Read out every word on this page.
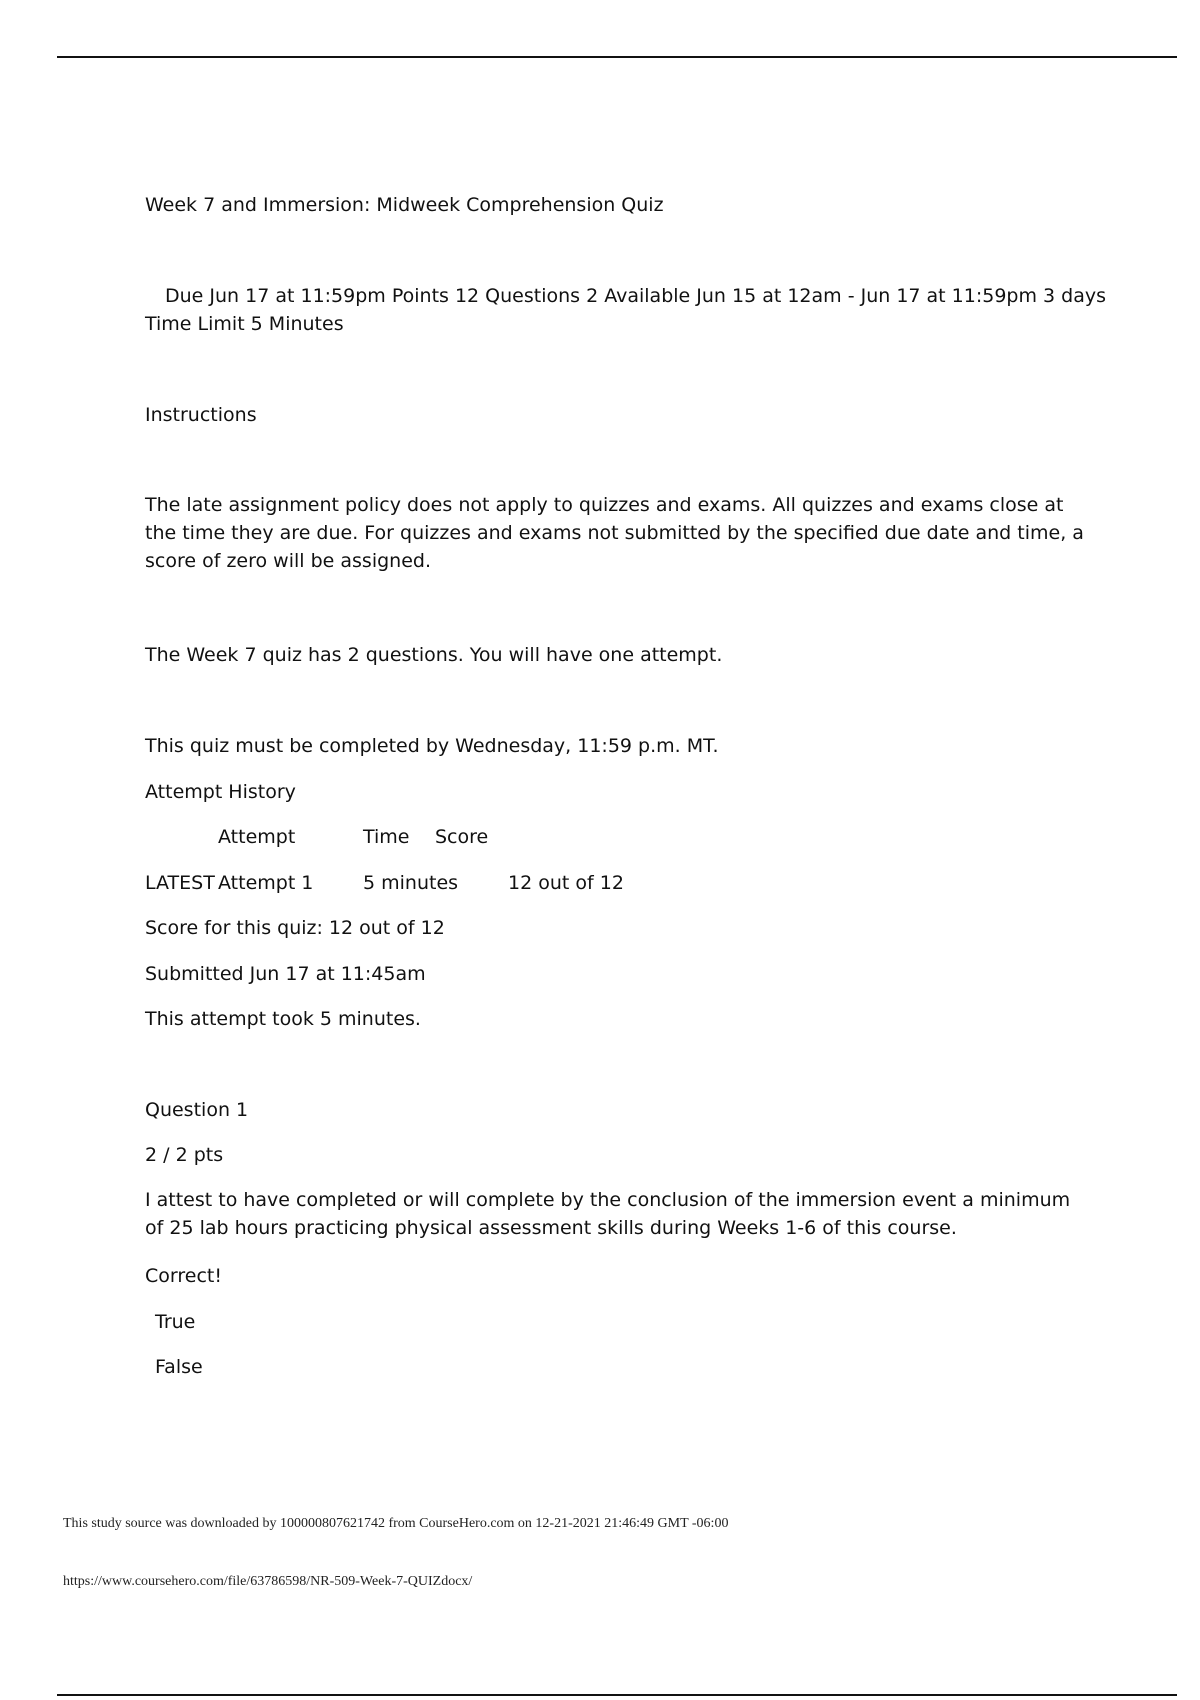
Week 7 and Immersion: Midweek Comprehension Quiz
Due Jun 17 at 11:59pm Points 12 Questions 2 Available Jun 15 at 12am - Jun 17 at 11:59pm 3 days
Time Limit 5 Minutes
Instructions
The late assignment policy does not apply to quizzes and exams. All quizzes and exams close at the time they are due. For quizzes and exams not submitted by the specified due date and time, a score of zero will be assigned.
The Week 7 quiz has 2 questions. You will have one attempt.
This quiz must be completed by Wednesday, 11:59 p.m. MT.
Attempt History
Attempt	Time Score
LATEST Attempt 1	5 minutes	12 out of 12
Score for this quiz: 12 out of 12
Submitted Jun 17 at 11:45am
This attempt took 5 minutes.
Question 1
2 / 2 pts
I attest to have completed or will complete by the conclusion of the immersion event a minimum of 25 lab hours practicing physical assessment skills during Weeks 1-6 of this course.
Correct!
True
False
This study source was downloaded by 100000807621742 from CourseHero.com on 12-21-2021 21:46:49 GMT -06:00
https://www.coursehero.com/file/63786598/NR-509-Week-7-QUIZdocx/
